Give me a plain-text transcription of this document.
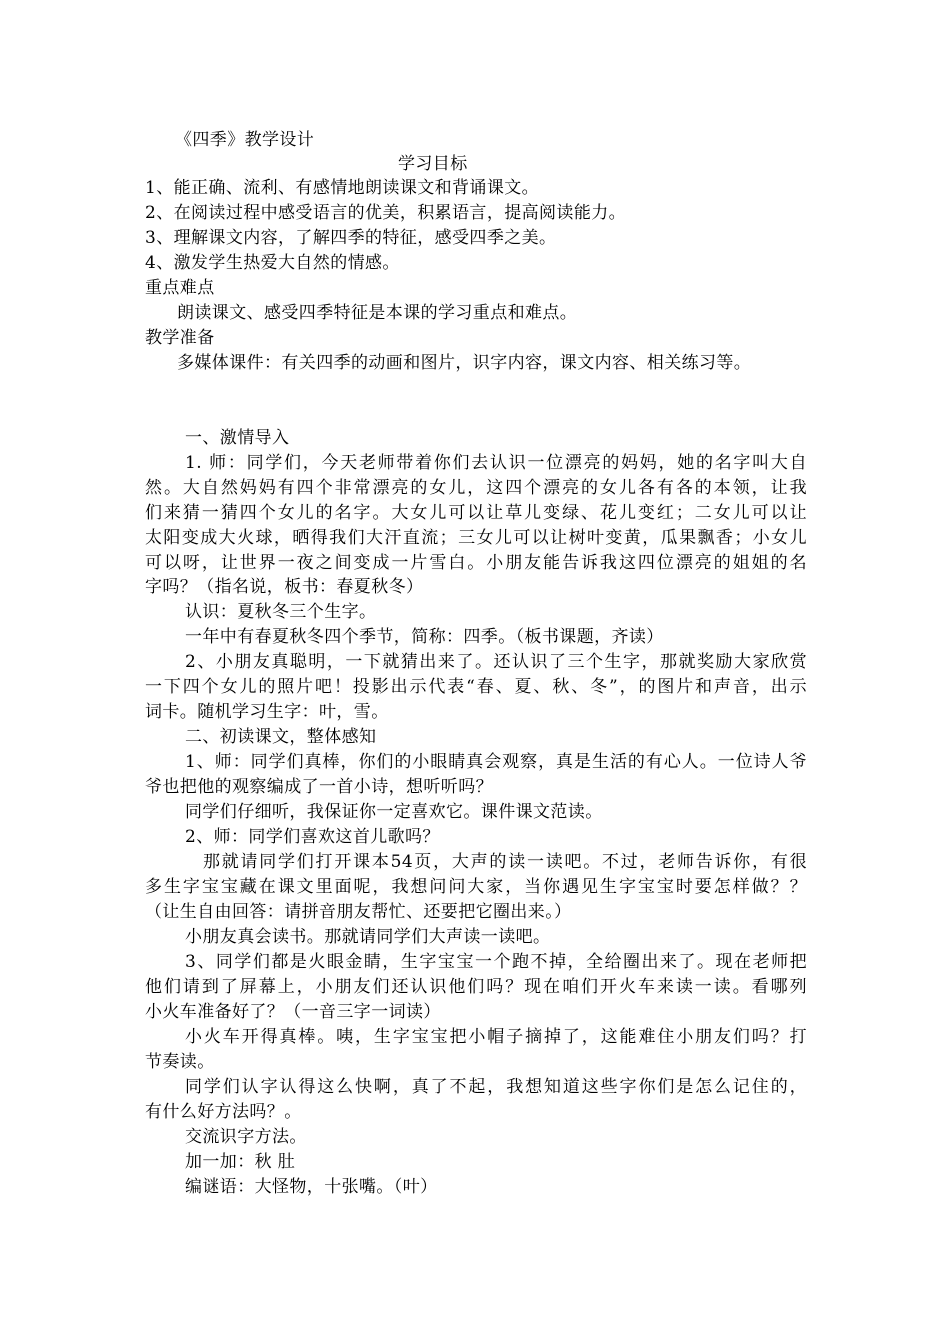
《四季》教学设计
学习目标
1、能正确、流利、有感情地朗读课文和背诵课文。
2、在阅读过程中感受语言的优美，积累语言，提高阅读能力。
3、理解课文内容，了解四季的特征，感受四季之美。
4、激发学生热爱大自然的情感。
重点难点
朗读课文、感受四季特征是本课的学习重点和难点。
教学准备
多媒体课件：有关四季的动画和图片，识字内容，课文内容、相关练习等。
一、激情导入
1. 师：同学们，今天老师带着你们去认识一位漂亮的妈妈，她的名字叫大自
然。大自然妈妈有四个非常漂亮的女儿，这四个漂亮的女儿各有各的本领，让我
们来猜一猜四个女儿的名字。大女儿可以让草儿变绿、花儿变红；二女儿可以让
太阳变成大火球，晒得我们大汗直流；三女儿可以让树叶变黄，瓜果飘香；小女儿
可以呀，让世界一夜之间变成一片雪白。小朋友能告诉我这四位漂亮的姐姐的名
字吗？（指名说，板书：春夏秋冬）
认识：夏秋冬三个生字。
一年中有春夏秋冬四个季节，简称：四季。（板书课题，齐读）
2、小朋友真聪明，一下就猜出来了。还认识了三个生字，那就奖励大家欣赏
一下四个女儿的照片吧！投影出示代表“春、夏、秋、冬”，的图片和声音，出示
词卡。随机学习生字：叶，雪。
二、初读课文，整体感知
1、师：同学们真棒，你们的小眼睛真会观察，真是生活的有心人。一位诗人爷
爷也把他的观察编成了一首小诗，想听听吗？
同学们仔细听，我保证你一定喜欢它。课件课文范读。
2、师：同学们喜欢这首儿歌吗？
那就请同学们打开课本54页，大声的读一读吧。不过，老师告诉你，有很
多生字宝宝藏在课文里面呢，我想问问大家，当你遇见生字宝宝时要怎样做？？
（让生自由回答：请拼音朋友帮忙、还要把它圈出来。）
小朋友真会读书。那就请同学们大声读一读吧。
3、同学们都是火眼金睛，生字宝宝一个跑不掉，全给圈出来了。现在老师把
他们请到了屏幕上，小朋友们还认识他们吗？现在咱们开火车来读一读。看哪列
小火车准备好了？（一音三字一词读）
小火车开得真棒。咦，生字宝宝把小帽子摘掉了，这能难住小朋友们吗？打
节奏读。
同学们认字认得这么快啊，真了不起，我想知道这些字你们是怎么记住的，
有什么好方法吗？。
交流识字方法。
加一加：秋 肚
编谜语：大怪物，十张嘴。（叶）
